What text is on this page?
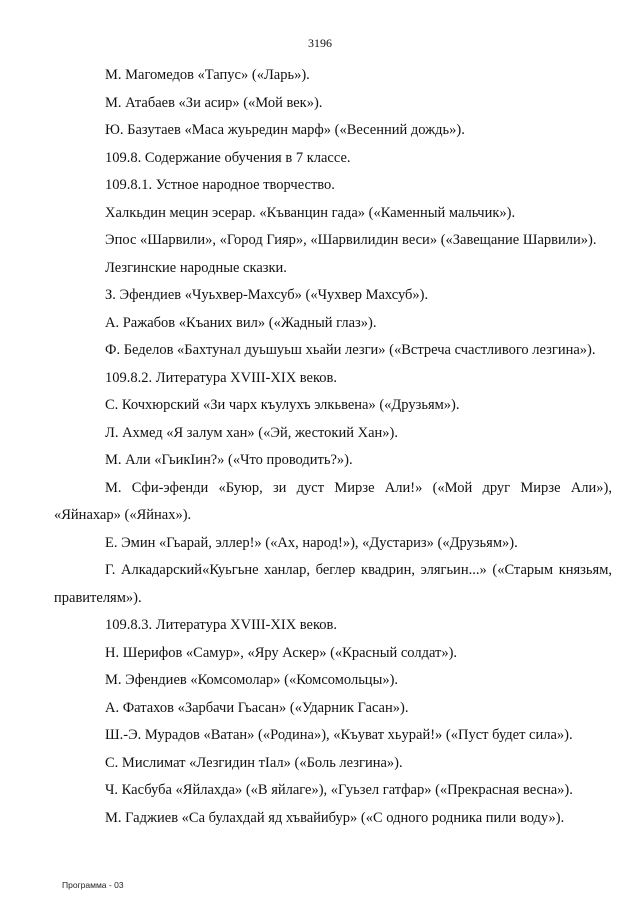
3196

М. Магомедов «Тапус» («Ларь»).

М. Атабаев «Зи асир» («Мой век»).

Ю. Базутаев «Маса жуьредин марф» («Весенний дождь»).

109.8. Содержание обучения в 7 классе.

109.8.1. Устное народное творчество.

Халкьдин мецин эсерар. «Къванцин гада» («Каменный мальчик»).

Эпос «Шарвили», «Город Гияр», «Шарвилидин веси» («Завещание Шарвили»).

Лезгинские народные сказки.

З. Эфендиев «Чуьхвер-Махсуб» («Чухвер Махсуб»).

А. Ражабов «Къаних вил» («Жадный глаз»).

Ф. Беделов «Бахтунал дуьшуьш хьайи лезги» («Встреча счастливого лезгина»).

109.8.2. Литература XVIII-XIX веков.

С. Кочхюрский «Зи чарх къулухъ элкьвена» («Друзьям»).

Л. Ахмед «Я залум хан» («Эй, жестокий Хан»).

М. Али «ГьикIин?» («Что проводить?»).

М. Сфи-эфенди «Буюр, зи дуст Мирзе Али!» («Мой друг Мирзе Али»), «Яйнахар» («Яйнах»).

Е. Эмин «Гьарай, эллер!» («Ах, народ!»), «Дустариз» («Друзьям»).

Г. Алкадарский«Куьгьне ханлар, беглер квадрин, элягьин...» («Старым князьям, правителям»).

109.8.3. Литература XVIII-XIX веков.

Н. Шерифов «Самур», «Яру Аскер» («Красный солдат»).

М. Эфендиев «Комсомолар» («Комсомольцы»).

А. Фатахов «Зарбачи Гьасан» («Ударник Гасан»).

Ш.-Э. Мурадов «Ватан» («Родина»), «Къуват хьурай!» («Пуст будет сила»).

С. Мислимат «Лезгидин тIал» («Боль лезгина»).

Ч. Касбуба «Яйлахда» («В яйлаге»), «Гуьзел гатфар» («Прекрасная весна»).

М. Гаджиев «Са булахдай яд хъвайибур» («С одного родника пили воду»).

Программа - 03
